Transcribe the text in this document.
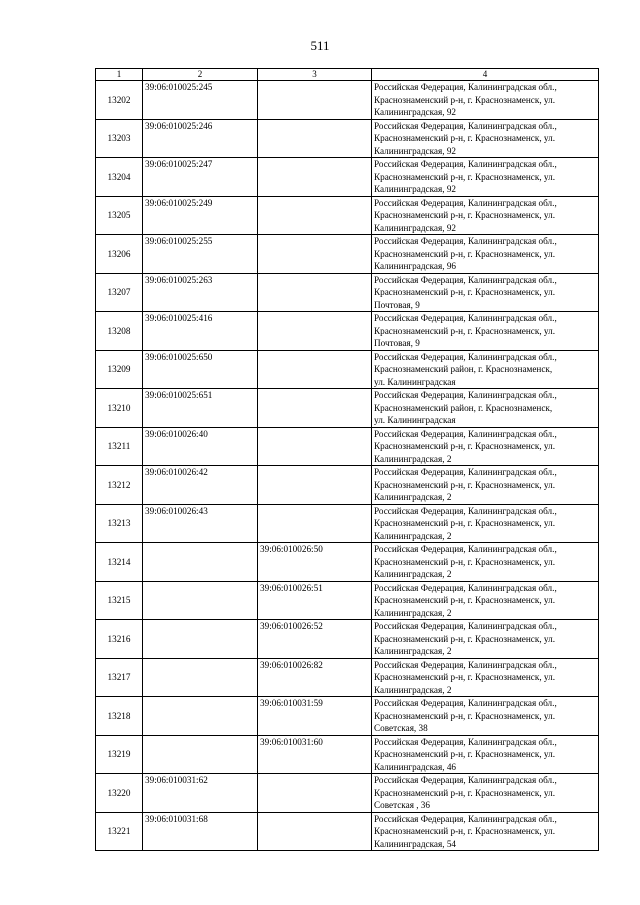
511
1	2	3	4
13202	39:06:010025:245		Российская Федерация, Калининградская обл.,
Краснознаменский р-н, г. Краснознаменск, ул.
Калининградская, 92
13203	39:06:010025:246		Российская Федерация, Калининградская обл.,
Краснознаменский р-н, г. Краснознаменск, ул.
Калининградская, 92
13204	39:06:010025:247		Российская Федерация, Калининградская обл.,
Краснознаменский р-н, г. Краснознаменск, ул.
Калининградская, 92
13205	39:06:010025:249		Российская Федерация, Калининградская обл.,
Краснознаменский р-н, г. Краснознаменск, ул.
Калининградская, 92
13206	39:06:010025:255		Российская Федерация, Калининградская обл.,
Краснознаменский р-н, г. Краснознаменск, ул.
Калининградская, 96
13207	39:06:010025:263		Российская Федерация, Калининградская обл.,
Краснознаменский р-н, г. Краснознаменск, ул.
Почтовая, 9
13208	39:06:010025:416		Российская Федерация, Калининградская обл.,
Краснознаменский р-н, г. Краснознаменск, ул.
Почтовая, 9
13209	39:06:010025:650		Российская Федерация, Калининградская обл.,
Краснознаменский район, г. Краснознаменск,
ул. Калининградская
13210	39:06:010025:651		Российская Федерация, Калининградская обл.,
Краснознаменский район, г. Краснознаменск,
ул. Калининградская
13211	39:06:010026:40		Российская Федерация, Калининградская обл.,
Краснознаменский р-н, г. Краснознаменск, ул.
Калининградская, 2
13212	39:06:010026:42		Российская Федерация, Калининградская обл.,
Краснознаменский р-н, г. Краснознаменск, ул.
Калининградская, 2
13213	39:06:010026:43		Российская Федерация, Калининградская обл.,
Краснознаменский р-н, г. Краснознаменск, ул.
Калининградская, 2
13214		39:06:010026:50	Российская Федерация, Калининградская обл.,
Краснознаменский р-н, г. Краснознаменск, ул.
Калининградская, 2
13215		39:06:010026:51	Российская Федерация, Калининградская обл.,
Краснознаменский р-н, г. Краснознаменск, ул.
Калининградская, 2
13216		39:06:010026:52	Российская Федерация, Калининградская обл.,
Краснознаменский р-н, г. Краснознаменск, ул.
Калининградская, 2
13217		39:06:010026:82	Российская Федерация, Калининградская обл.,
Краснознаменский р-н, г. Краснознаменск, ул.
Калининградская, 2
13218		39:06:010031:59	Российская Федерация, Калининградская обл.,
Краснознаменский р-н, г. Краснознаменск, ул.
Советская, 38
13219		39:06:010031:60	Российская Федерация, Калининградская обл.,
Краснознаменский р-н, г. Краснознаменск, ул.
Калининградская, 46
13220	39:06:010031:62		Российская Федерация, Калининградская обл.,
Краснознаменский р-н, г. Краснознаменск, ул.
Советская , 36
13221	39:06:010031:68		Российская Федерация, Калининградская обл.,
Краснознаменский р-н, г. Краснознаменск, ул.
Калининградская, 54
